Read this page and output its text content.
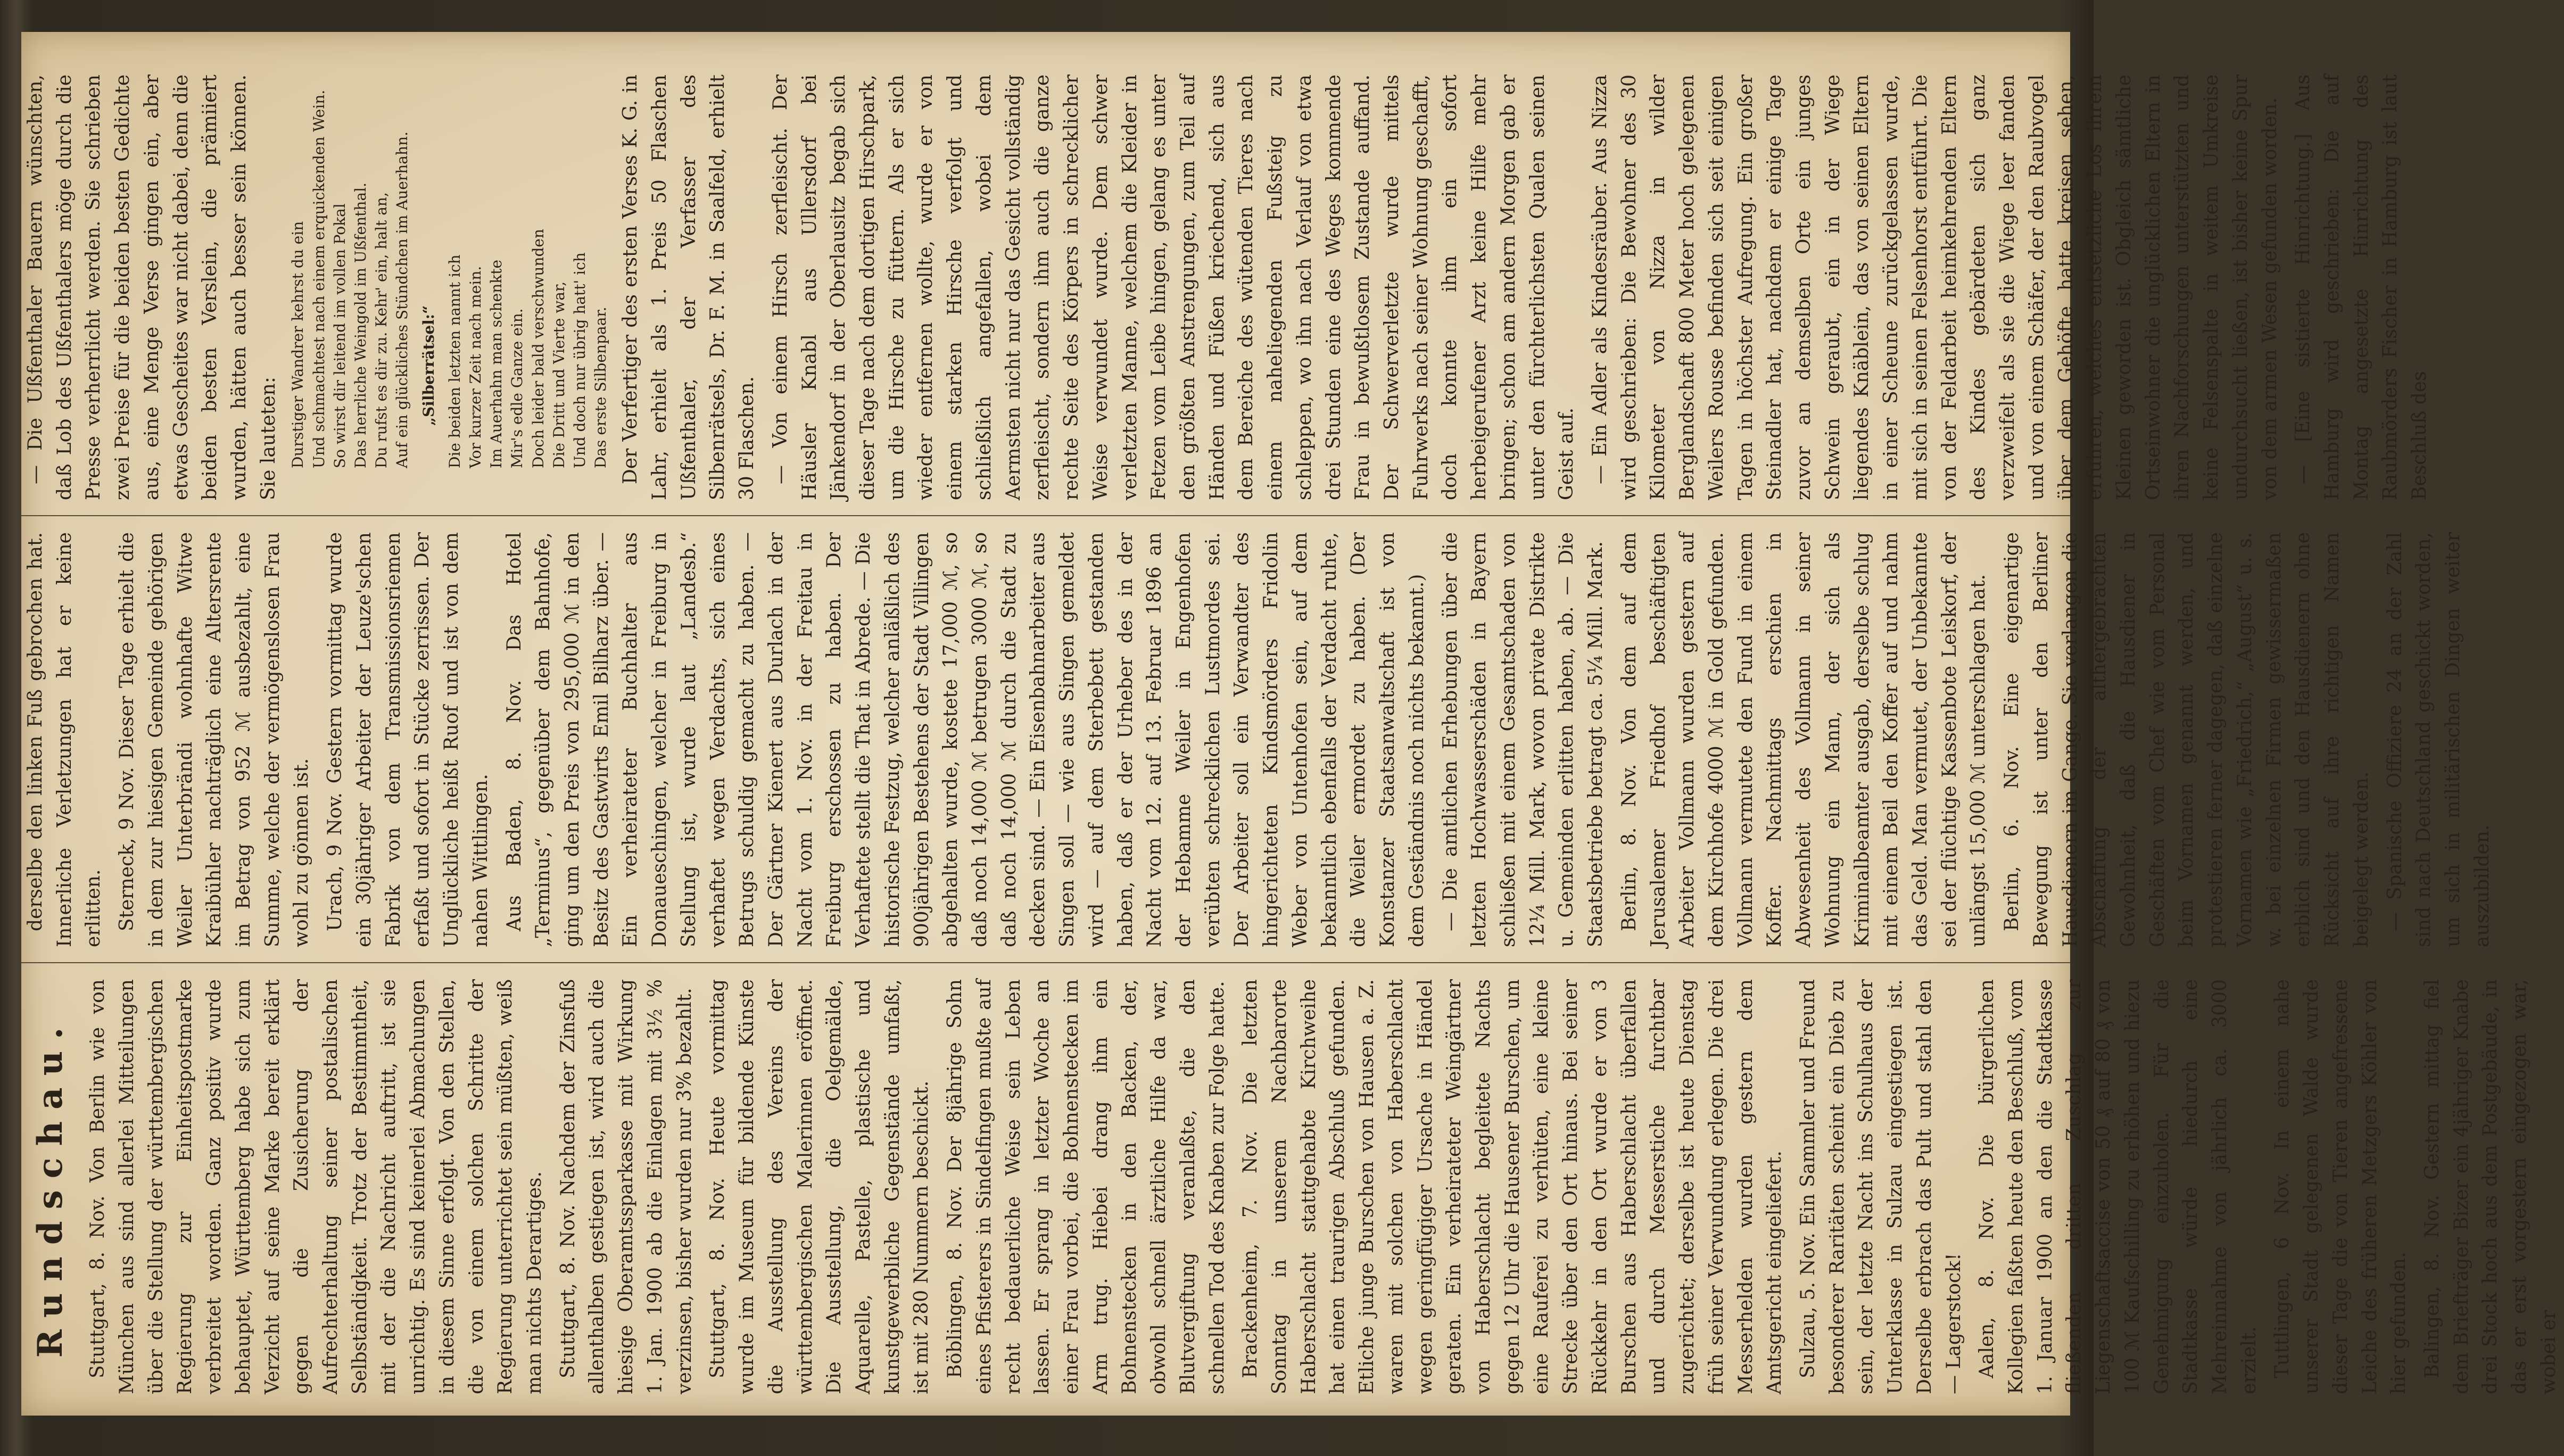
Rundschau. Stuttgart, 8. Nov. Von Berlin wie von München aus sind allerlei Mitteilungen über die Stellung der württembergischen Regierung zur Einheitspostmarke verbreitet worden. Ganz positiv wurde behauptet, Württemberg habe sich zum Verzicht auf seine Marke bereit erklärt gegen die Zusicherung der Aufrechterhaltung seiner postalischen Selbständigkeit. Trotz der Bestimmtheit, mit der die Nachricht auftritt, ist sie unrichtig. Es sind keinerlei Abmachungen in diesem Sinne erfolgt. Von den Stellen, die von einem solchen Schritte der Regierung unterrichtet sein müßten, weiß man nichts Derartiges. Stuttgart, 8. Nov. Nachdem der Zinsfuß allenthalben gestiegen ist, wird auch die hiesige Oberamtssparkasse mit Wirkung 1. Jan. 1900 ab die Einlagen mit 3½ % verzinsen, bisher wurden nur 3% bezahlt. Stuttgart, 8. Nov. Heute vormittag wurde im Museum für bildende Künste die Ausstellung des Vereins der württembergischen Malerinnen eröffnet. Die Ausstellung, die Oelgemälde, Aquarelle, Pastelle, plastische und kunstgewerbliche Gegenstände umfaßt, ist mit 280 Nummern beschickt. Böblingen, 8. Nov. Der 8jährige Sohn eines Pfisterers in Sindelfingen mußte auf recht bedauerliche Weise sein Leben lassen. Er sprang in letzter Woche an einer Frau vorbei, die Bohnenstecken im Arm trug. Hiebei drang ihm ein Bohnenstecken in den Backen, der, obwohl schnell ärztliche Hilfe da war, Blutvergiftung veranlaßte, die den schnellen Tod des Knaben zur Folge hatte. Brackenheim, 7. Nov. Die letzten Sonntag in unserem Nachbarorte Haberschlacht stattgehabte Kirchweihe hat einen traurigen Abschluß gefunden. Etliche junge Burschen von Hausen a. Z. waren mit solchen von Haberschlacht wegen geringfügiger Ursache in Händel geraten. Ein verheirateter Weingärtner von Haberschlacht begleitete Nachts gegen 12 Uhr die Hausener Burschen, um eine Rauferei zu verhüten, eine kleine Strecke über den Ort hinaus. Bei seiner Rückkehr in den Ort wurde er von 3 Burschen aus Haberschlacht überfallen und durch Messerstiche furchtbar zugerichtet; derselbe ist heute Dienstag früh seiner Verwundung erlegen. Die drei Messerhelden wurden gestern dem Amtsgericht eingeliefert. Sulzau, 5. Nov. Ein Sammler und Freund besonderer Raritäten scheint ein Dieb zu sein, der letzte Nacht ins Schulhaus der Unterklasse in Sulzau eingestiegen ist. Derselbe erbrach das Pult und stahl den — Lagerstock! Aalen, 8. Nov. Die bürgerlichen Kollegien faßten heute den Beschluß, vom 1. Januar 1900 an den die Stadtkasse fließenden dritten Zuschlag zur Liegenschaftsaccise von 50 ₰ auf 80 ₰ von 100 ℳ Kaufschilling zu erhöhen und hiezu Genehmigung einzuholen. Für die Stadtkasse würde hiedurch eine Mehreinnahme von jährlich ca. 3000 erzielt. Tuttlingen, 6 Nov. In einem nahe unserer Stadt gelegenen Walde wurde dieser Tage die von Tieren angefressene Leiche des früheren Metzgers Köhler von hier gefunden. Balingen, 8. Nov. Gestern mittag fiel dem Briefträger Bizer ein 4jähriger Knabe drei Stock hoch aus dem Postgebäude, in das er erst vorgestern eingezogen war, wobei er

derselbe den linken Fuß gebrochen hat. Innerliche Verletzungen hat er keine erlitten. Sterneck, 9 Nov. Dieser Tage erhielt die in dem zur hiesigen Gemeinde gehörigen Weiler Unterbrändi wohnhafte Witwe Kraibühler nachträglich eine Altersrente im Betrag von 952 ℳ ausbezahlt, eine Summe, welche der vermögenslosen Frau wohl zu gönnen ist. Urach, 9 Nov. Gestern vormittag wurde ein 30jähriger Arbeiter der Leuze'schen Fabrik von dem Transmissionsriemen erfaßt und sofort in Stücke zerrissen. Der Unglückliche heißt Ruof und ist von dem nahen Wittlingen. Aus Baden, 8. Nov. Das Hotel „Terminus“, gegenüber dem Bahnhofe, ging um den Preis von 295,000 ℳ in den Besitz des Gastwirts Emil Bilharz über. — Ein verheirateter Buchhalter aus Donaueschingen, welcher in Freiburg in Stellung ist, wurde laut „Landesb.“ verhaftet wegen Verdachts, sich eines Betrugs schuldig gemacht zu haben. — Der Gärtner Kienert aus Durlach in der Nacht vom 1. Nov. in der Freitau in Freiburg erschossen zu haben. Der Verhaftete stellt die That in Abrede. — Die historische Festzug, welcher anläßlich des 900jährigen Bestehens der Stadt Villingen abgehalten wurde, kostete 17,000 ℳ, so daß noch 14,000 ℳ betrugen 3000 ℳ, so daß noch 14,000 ℳ durch die Stadt zu decken sind. — Ein Eisenbahnarbeiter aus Singen soll — wie aus Singen gemeldet wird — auf dem Sterbebett gestanden haben, daß er der Urheber des in der Nacht vom 12. auf 13. Februar 1896 an der Hebamme Weiler in Engenhofen verübten schrecklichen Lustmordes sei. Der Arbeiter soll ein Verwandter des hingerichteten Kindsmörders Fridolin Weber von Untenhofen sein, auf dem bekanntlich ebenfalls der Verdacht ruhte, die Weiler ermordet zu haben. (Der Konstanzer Staatsanwaltschaft ist von dem Geständnis noch nichts bekannt.) — Die amtlichen Erhebungen über die letzten Hochwasserschäden in Bayern schließen mit einem Gesamtschaden von 12¼ Mill. Mark, wovon private Distrikte u. Gemeinden erlitten haben, ab. — Die Staatsbetriebe betragt ca. 5¼ Mill. Mark. Berlin, 8. Nov. Von dem auf dem Jerusalemer Friedhof beschäftigten Arbeiter Vollmann wurden gestern auf dem Kirchhofe 4000 ℳ in Gold gefunden. Vollmann vermutete den Fund in einem Koffer. Nachmittags erschien in Abwesenheit des Vollmann in seiner Wohnung ein Mann, der sich als Kriminalbeamter ausgab, derselbe schlug mit einem Beil den Koffer auf und nahm das Geld. Man vermutet, der Unbekannte sei der flüchtige Kassenbote Leiskorf, der unlängst 15,000 ℳ unterschlagen hat. Berlin, 6. Nov. Eine eigenartige Bewegung ist unter den Berliner Hausdienern im Gange. Sie verlangen die Abschaffung der althergebrachten Gewohnheit, daß die Hausdiener in Geschäften vom Chef wie vom Personal beim Vornamen genannt werden, und protestieren ferner dagegen, daß einzelne Vornamen wie „Friedrich,“ „August“ u. s. w. bei einzelnen Firmen gewissermaßen erblich sind und den Hausdienern ohne Rücksicht auf ihre richtigen Namen beigelegt werden. — Spanische Offiziere 24 an der Zahl sind nach Deutschland geschickt worden, um sich in militärischen Dingen weiter auszubilden.

— Die Ußfenthaler Bauern wünschten, daß Lob des Ußfenthalers möge durch die Presse verherrlicht werden. Sie schrieben zwei Preise für die beiden besten Gedichte aus, eine Menge Verse gingen ein, aber etwas Gescheites war nicht dabei, denn die beiden besten Verslein, die prämiiert wurden, hätten auch besser sein können. Sie lauteten: Durstiger Wandrer kehrst du ein Und schmachtest nach einem erquickenden Wein. So wirst dir leitend im vollen Pokal Das herrliche Weingold im Ußfenthal. Du rufst es dir zu. Kehr' ein, halt an, Auf ein glückliches Stündchen im Auerhahn. „Silberrätsel:“ Die beiden letzten nannt ich Vor kurzer Zeit nach mein. Im Auerhahn man schenkte Mir's edle Ganze ein. Doch leider bald verschwunden Die Dritt und Vierte war, Und doch nur übrig hatt' ich Das erste Silbenpaar. Der Verfertiger des ersten Verses K. G. in Lahr, erhielt als 1. Preis 50 Flaschen Ußfenthaler, der Verfasser des Silbenrätsels, Dr. F. M. in Saalfeld, erhielt 30 Flaschen. — Von einem Hirsch zerfleischt. Der Häusler Knabl aus Ullersdorf bei Jänkendorf in der Oberlausitz begab sich dieser Tage nach dem dortigen Hirschpark, um die Hirsche zu füttern. Als er sich wieder entfernen wollte, wurde er von einem starken Hirsche verfolgt und schließlich angefallen, wobei dem Aermsten nicht nur das Gesicht vollständig zerfleischt, sondern ihm auch die ganze rechte Seite des Körpers in schrecklicher Weise verwundet wurde. Dem schwer verletzten Manne, welchem die Kleider in Fetzen vom Leibe hingen, gelang es unter den größten Anstrengungen, zum Teil auf Händen und Füßen kriechend, sich aus dem Bereiche des wütenden Tieres nach einem naheliegenden Fußsteig zu schleppen, wo ihn nach Verlauf von etwa drei Stunden eine des Weges kommende Frau in bewußtlosem Zustande auffand. Der Schwerverletzte wurde mittels Fuhrwerks nach seiner Wohnung geschafft, doch konnte ihm ein sofort herbeigerufener Arzt keine Hilfe mehr bringen; schon am andern Morgen gab er unter den fürchterlichsten Qualen seinen Geist auf. — Ein Adler als Kindesräuber. Aus Nizza wird geschrieben: Die Bewohner des 30 Kilometer von Nizza in wilder Berglandschaft 800 Meter hoch gelegenen Weilers Rousse befinden sich seit einigen Tagen in höchster Aufregung. Ein großer Steinadler hat, nachdem er einige Tage zuvor an demselben Orte ein junges Schwein geraubt, ein in der Wiege liegendes Knäblein, das von seinen Eltern in einer Scheune zurückgelassen wurde, mit sich in seinen Felsenhorst entführt. Die von der Feldarbeit heimkehrenden Eltern des Kindes gebärdeten sich ganz verzweifelt als sie die Wiege leer fanden und von einem Schäfer, der den Raubvogel über dem Gehöfte hatte kreisen sehen, erfuhren, welches entsetzliche Los ihrem Kleinen geworden ist. Obgleich sämtliche Ortseinwohner die unglücklichen Eltern in ihren Nachforschungen unterstützten und keine Felsenspalte in weitem Umkreise undurchsucht ließen, ist bisher keine Spur von dem armen Wesen gefunden worden. — [Eine sistierte Hinrichtung.] Aus Hamburg wird geschrieben: Die auf Montag angesetzte Hinrichtung des Raubmörders Fischer in Hamburg ist laut Beschluß des
